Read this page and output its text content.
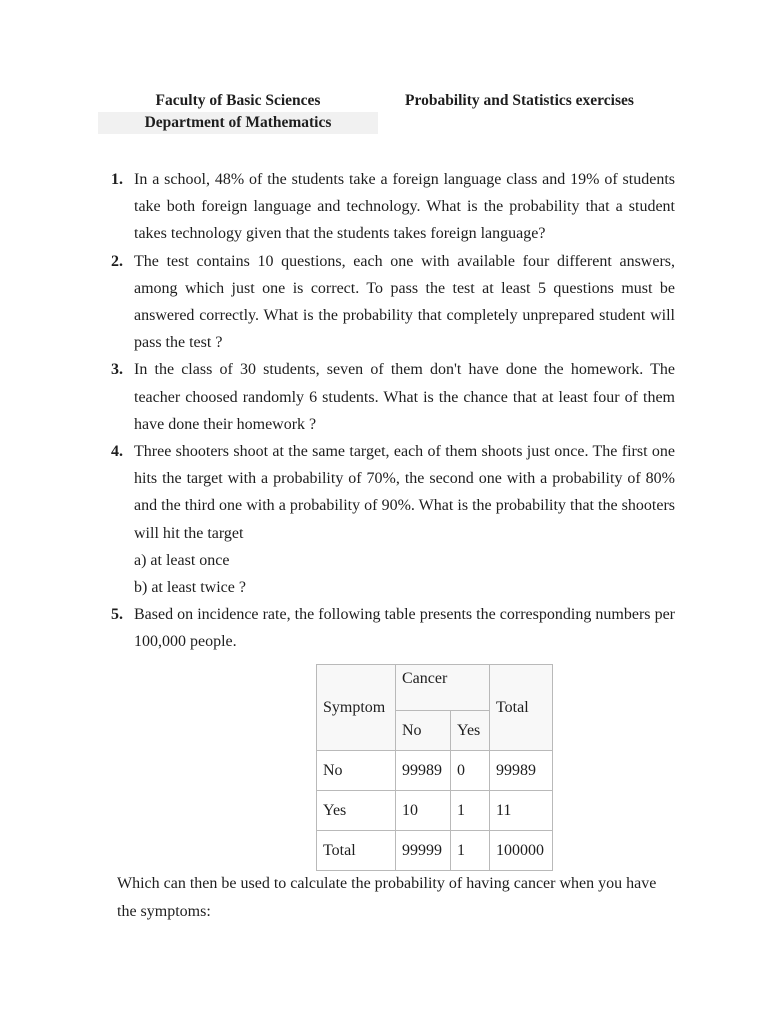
Faculty of Basic Sciences
Department of Mathematics
Probability and Statistics exercises
1. In a school, 48% of the students take a foreign language class and 19% of students take both foreign language and technology. What is the probability that a student takes technology given that the students takes foreign language?
2. The test contains 10 questions, each one with available four different answers, among which just one is correct. To pass the test at least 5 questions must be answered correctly. What is the probability that completely unprepared student will pass the test ?
3. In the class of 30 students, seven of them don't have done the homework. The teacher choosed randomly 6 students. What is the chance that at least four of them have done their homework ?
4. Three shooters shoot at the same target, each of them shoots just once. The first one hits the target with a probability of 70%, the second one with a probability of 80% and the third one with a probability of 90%. What is the probability that the shooters will hit the target
a) at least once
b) at least twice ?
5. Based on incidence rate, the following table presents the corresponding numbers per 100,000 people.
Symptom	Cancer		Total
	No	Yes	
No	99989	0	99989
Yes	10	1	11
Total	99999	1	100000
Which can then be used to calculate the probability of having cancer when you have the symptoms:
